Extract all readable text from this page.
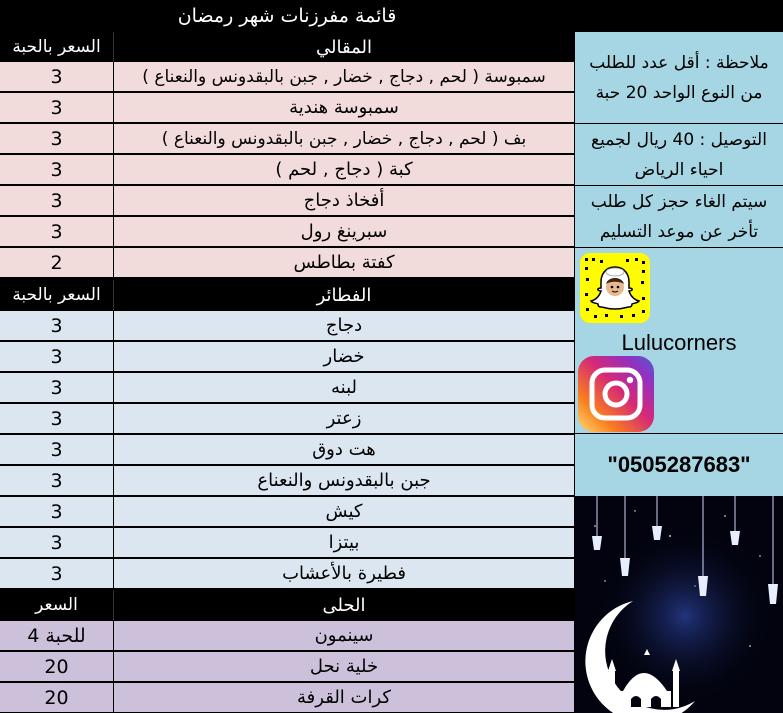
قائمة مفرزنات شهر رمضان
السعر بالحبة	المقالي
3	سمبوسة ( لحم , دجاج , خضار , جبن بالبقدونس والنعناع )
3	سمبوسة هندية
3	بف ( لحم , دجاج , خضار , جبن بالبقدونس والنعناع )
3	كبة ( دجاج , لحم )
3	أفخاذ دجاج
3	سبرينغ رول
2	كفتة بطاطس
السعر بالحبة	الفطائر
3	دجاج
3	خضار
3	لبنه
3	زعتر
3	هت دوق
3	جبن بالبقدونس والنعناع
3	كيش
3	بيتزا
3	فطيرة بالأعشاب
السعر	الحلى
للحبة 4	سينمون
20	خلية نحل
20	كرات القرفة
ملاحظة : أقل عدد للطلب من النوع الواحد 20 حبة
التوصيل : 40 ريال لجميع احياء الرياض
سيتم الغاء حجز كل طلب تأخر عن موعد التسليم
Lulucorners
"0505287683"
